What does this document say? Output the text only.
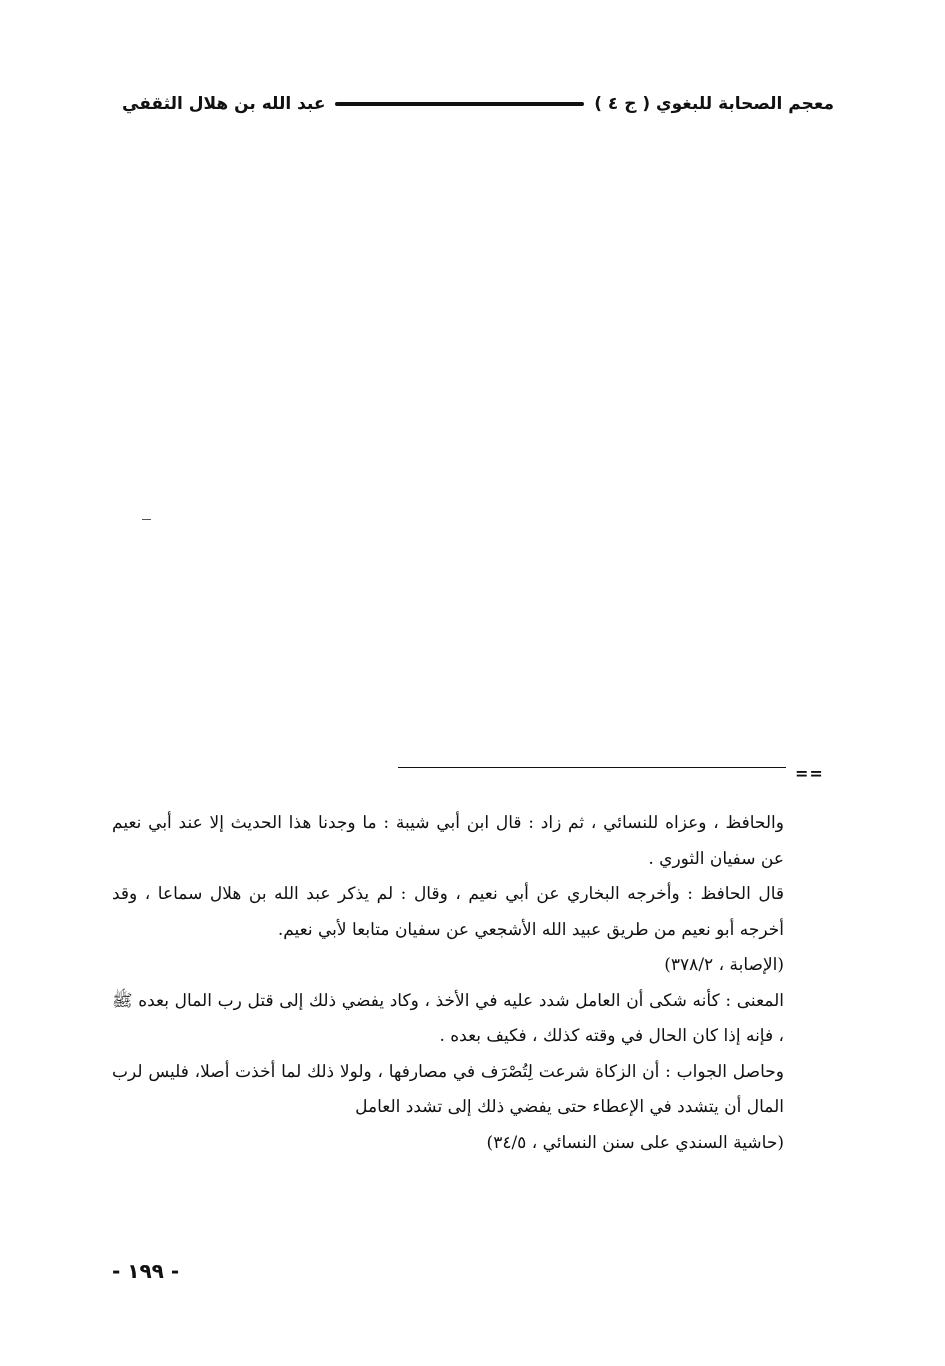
معجم الصحابة للبغوي ( ج ٤ )
عبد الله بن هلال الثقفي
==

والحافظ ، وعزاه للنسائي ، ثم زاد : قال ابن أبي شيبة : ما وجدنا هذا الحديث إلا عند أبي نعيم عن سفيان الثوري .

قال الحافظ : وأخرجه البخاري عن أبي نعيم ، وقال : لم يذكر عبد الله بن هلال سماعا ، وقد أخرجه أبو نعيم من طريق عبيد الله الأشجعي عن سفيان متابعا لأبي نعيم.

(الإصابة ، ٣٧٨/٢)

المعنى : كأنه شكى أن العامل شدد عليه في الأخذ ، وكاد يفضي ذلك إلى قتل رب المال بعده ﷺ ، فإنه إذا كان الحال في وقته كذلك ، فكيف بعده .

وحاصل الجواب : أن الزكاة شرعت لِتُصْرَف في مصارفها ، ولولا ذلك لما أخذت أصلا، فليس لرب المال أن يتشدد في الإعطاء حتى يفضي ذلك إلى تشدد العامل

(حاشية السندي على سنن النسائي ، ٣٤/٥)

- ١٩٩ -
